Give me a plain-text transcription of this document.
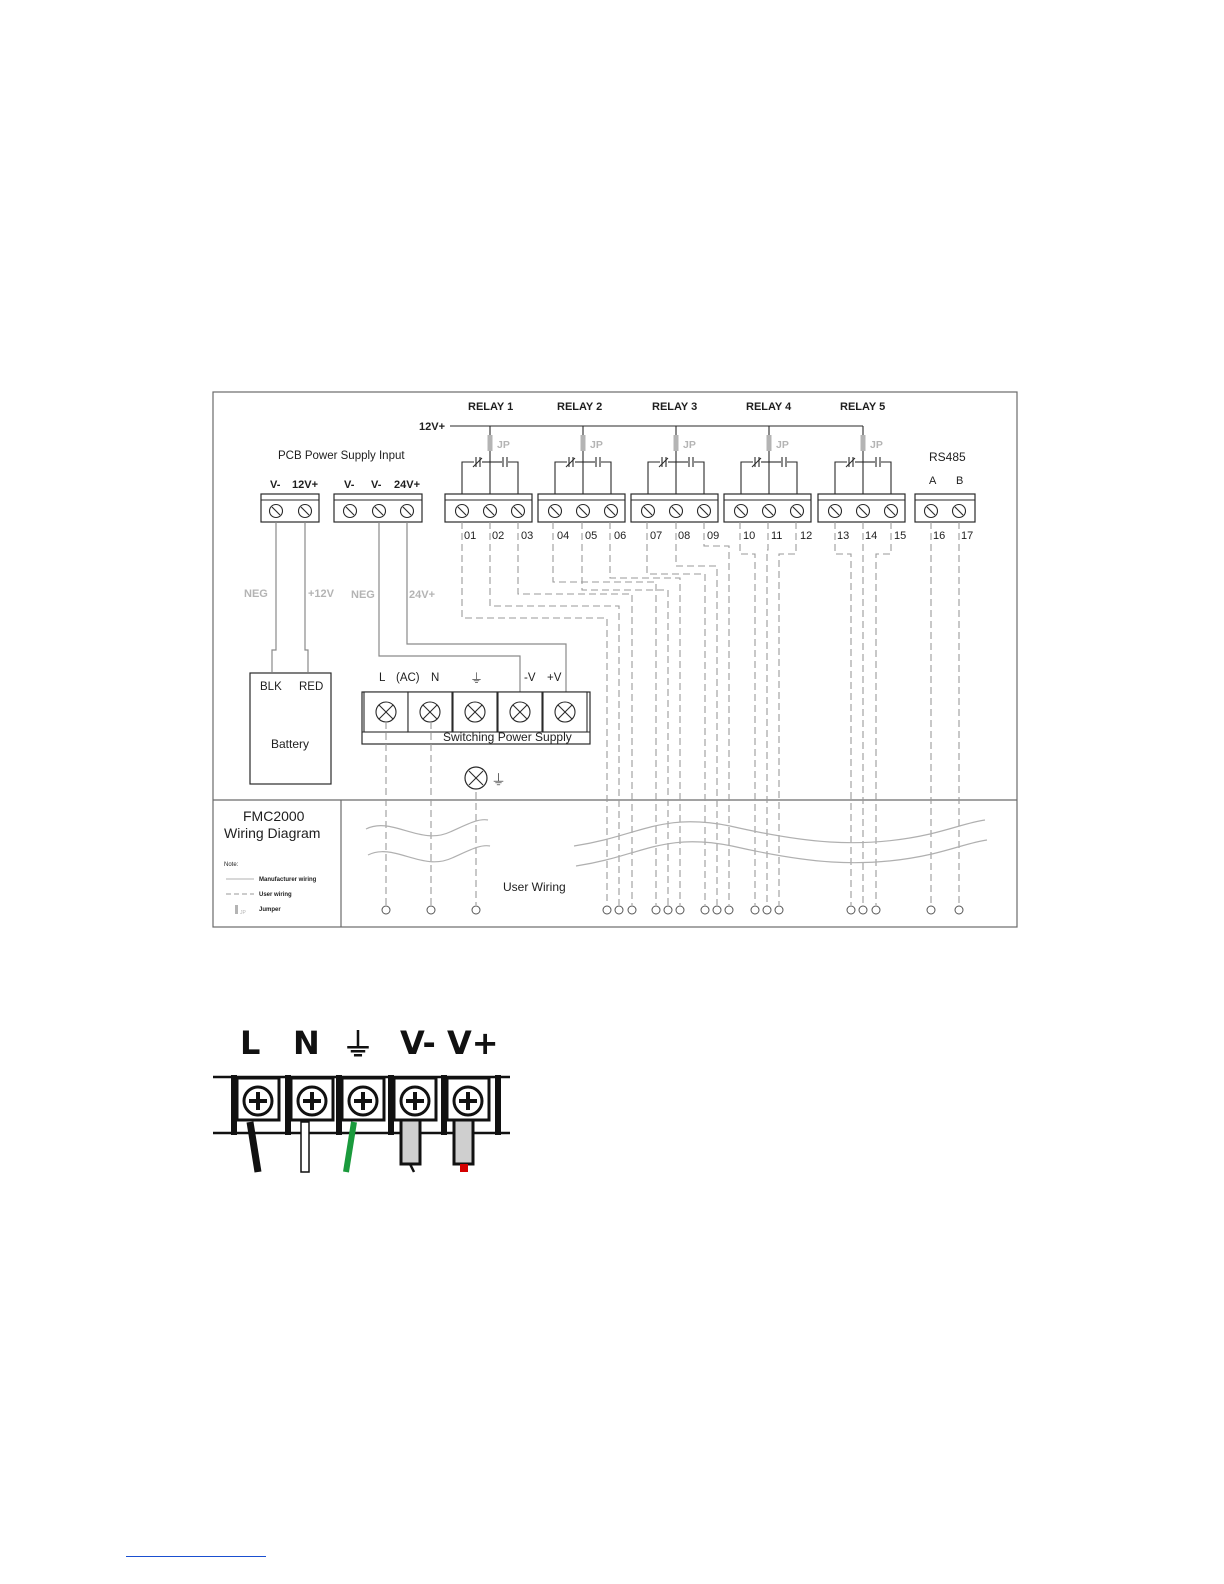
12V+
RELAY 1
JP
01 02 03
RELAY 2
JP
04 05 06
RELAY 3
JP
07 08 09
RELAY 4
JP
10 11 12
RELAY 5
JP
13 14 15
RS485
A B
16 17
PCB Power Supply Input
V- 12V+ V- V- 24V+
NEG	+12V NEG	24V+
BLK RED
Battery
L (AC) N ⏚	-V +V
Switching Power Supply
⏚
User Wiring
FMC2000
Wiring Diagram
Note:
Manufacturer wiring
User wiring
JP Jumper
L N ⏚ V- V+
